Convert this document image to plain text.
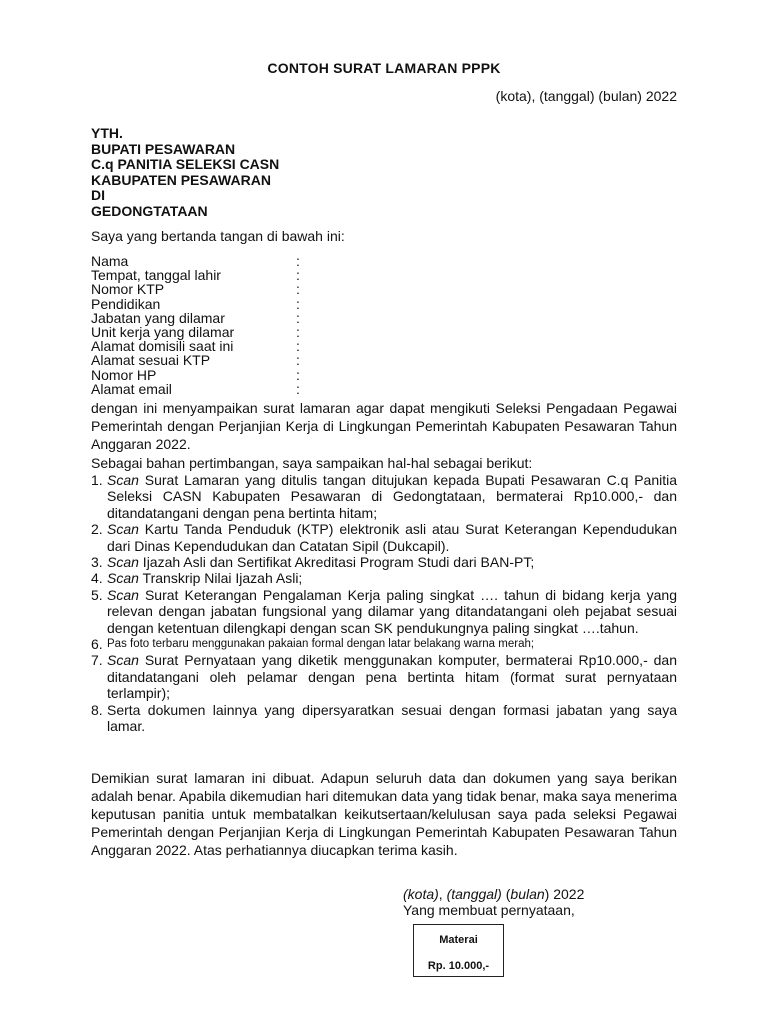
CONTOH SURAT LAMARAN PPPK
(kota), (tanggal) (bulan) 2022
YTH.
BUPATI PESAWARAN
C.q PANITIA SELEKSI CASN
KABUPATEN PESAWARAN
DI
GEDONGTATAAN
Saya yang bertanda tangan di bawah ini:
Nama	:
Tempat, tanggal lahir	:
Nomor KTP	:
Pendidikan	:
Jabatan yang dilamar	:
Unit kerja yang dilamar	:
Alamat domisili saat ini	:
Alamat sesuai KTP	:
Nomor HP	:
Alamat email	:
dengan ini menyampaikan surat lamaran agar dapat mengikuti Seleksi Pengadaan Pegawai Pemerintah dengan Perjanjian Kerja di Lingkungan Pemerintah Kabupaten Pesawaran Tahun Anggaran 2022.
Sebagai bahan pertimbangan, saya sampaikan hal-hal sebagai berikut:
1. Scan Surat Lamaran yang ditulis tangan ditujukan kepada Bupati Pesawaran C.q Panitia Seleksi CASN Kabupaten Pesawaran di Gedongtataan, bermaterai Rp10.000,- dan ditandatangani dengan pena bertinta hitam;
2. Scan Kartu Tanda Penduduk (KTP) elektronik asli atau Surat Keterangan Kependudukan dari Dinas Kependudukan dan Catatan Sipil (Dukcapil).
3. Scan Ijazah Asli dan Sertifikat Akreditasi Program Studi dari BAN-PT;
4. Scan Transkrip Nilai Ijazah Asli;
5. Scan Surat Keterangan Pengalaman Kerja paling singkat …. tahun di bidang kerja yang relevan dengan jabatan fungsional yang dilamar yang ditandatangani oleh pejabat sesuai dengan ketentuan dilengkapi dengan scan SK pendukungnya paling singkat ….tahun.
6. Pas foto terbaru menggunakan pakaian formal dengan latar belakang warna merah;
7. Scan Surat Pernyataan yang diketik menggunakan komputer, bermaterai Rp10.000,- dan ditandatangani oleh pelamar dengan pena bertinta hitam (format surat pernyataan terlampir);
8. Serta dokumen lainnya yang dipersyaratkan sesuai dengan formasi jabatan yang saya lamar.
Demikian surat lamaran ini dibuat. Adapun seluruh data dan dokumen yang saya berikan adalah benar. Apabila dikemudian hari ditemukan data yang tidak benar, maka saya menerima keputusan panitia untuk membatalkan keikutsertaan/kelulusan saya pada seleksi Pegawai Pemerintah dengan Perjanjian Kerja di Lingkungan Pemerintah Kabupaten Pesawaran Tahun Anggaran 2022. Atas perhatiannya diucapkan terima kasih.
(kota), (tanggal) (bulan) 2022
Yang membuat pernyataan,
Materai
Rp. 10.000,-
